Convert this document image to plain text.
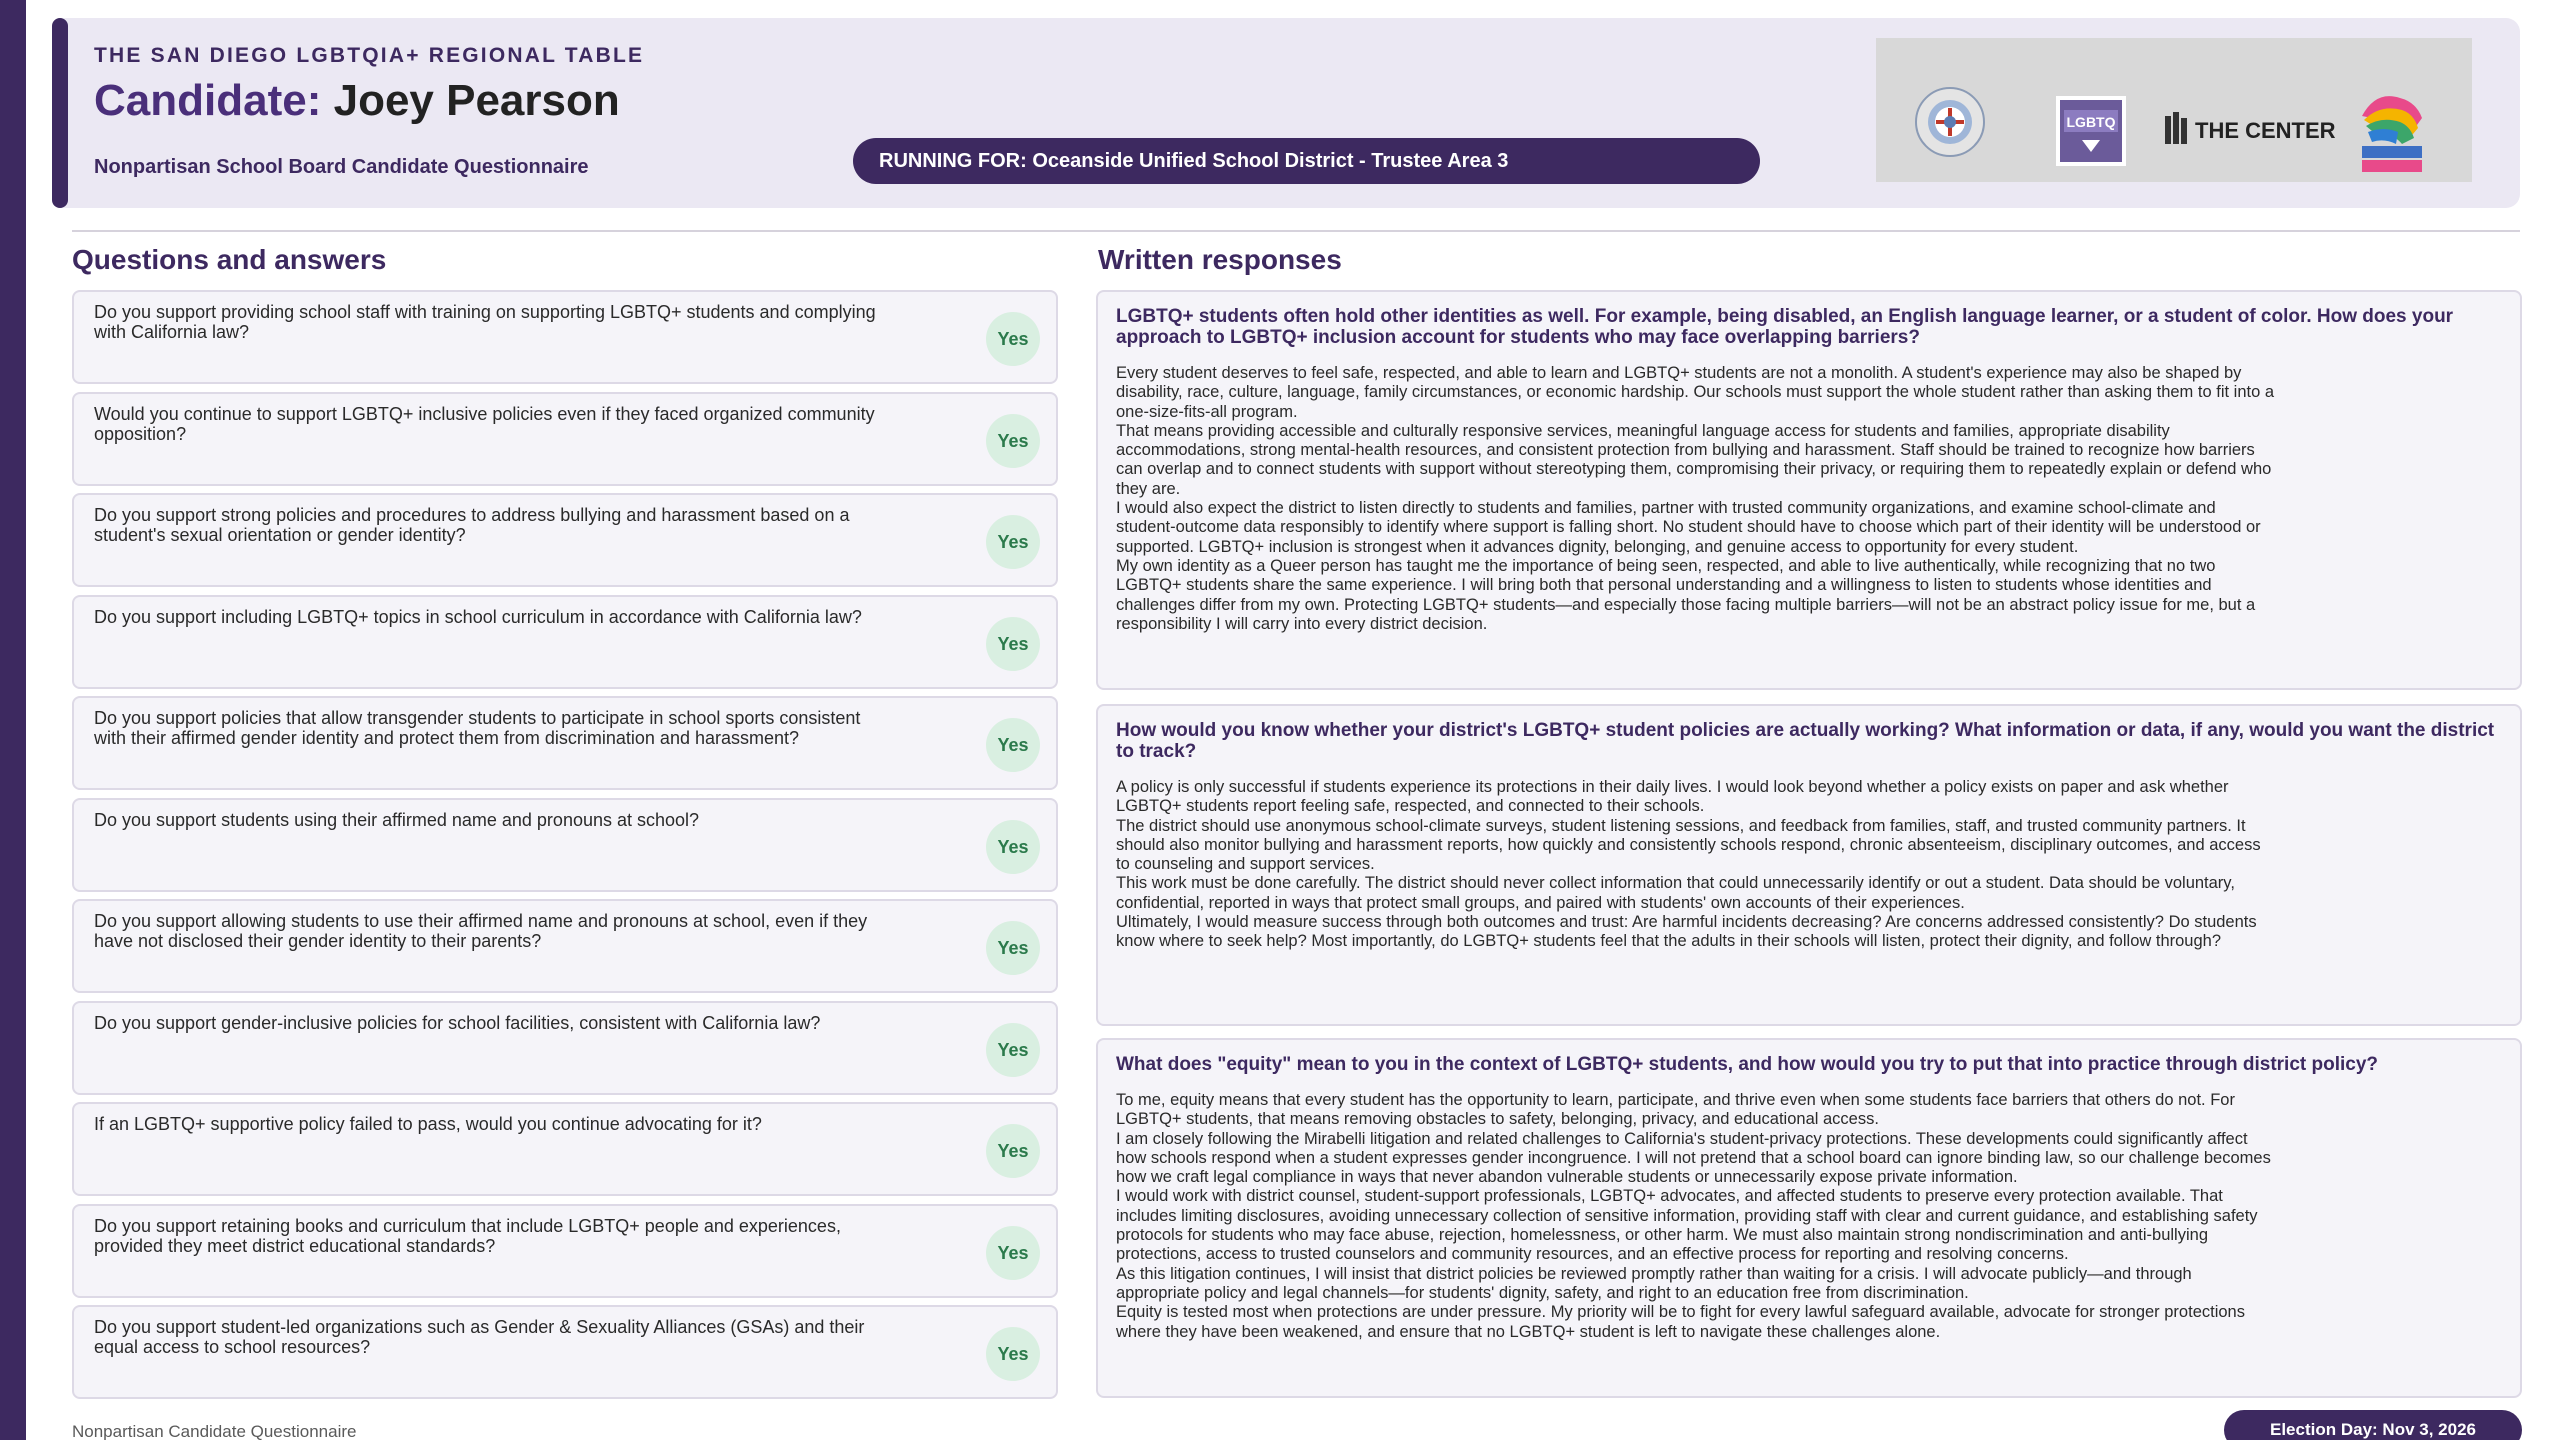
THE SAN DIEGO LGBTQIA+ REGIONAL TABLE
Candidate: Joey Pearson
Nonpartisan School Board Candidate Questionnaire	RUNNING FOR: Oceanside Unified School District - Trustee Area 3
LGBTQ	THE CENTER
Questions and answers	Written responses
Do you support providing school staff with training on supporting LGBTQ+ students and complying with California law?	Yes
Would you continue to support LGBTQ+ inclusive policies even if they faced organized community opposition?	Yes
Do you support strong policies and procedures to address bullying and harassment based on a student's sexual orientation or gender identity?	Yes
Do you support including LGBTQ+ topics in school curriculum in accordance with California law?
Yes
Do you support policies that allow transgender students to participate in school sports consistent with their affirmed gender identity and protect them from discrimination and harassment?	Yes
Do you support students using their affirmed name and pronouns at school?
Yes
Do you support allowing students to use their affirmed name and pronouns at school, even if they have not disclosed their gender identity to their parents?	Yes
Do you support gender-inclusive policies for school facilities, consistent with California law?
Yes
If an LGBTQ+ supportive policy failed to pass, would you continue advocating for it?
Yes
Do you support retaining books and curriculum that include LGBTQ+ people and experiences, provided they meet district educational standards?	Yes
Do you support student-led organizations such as Gender & Sexuality Alliances (GSAs) and their equal access to school resources?	Yes
LGBTQ+ students often hold other identities as well. For example, being disabled, an English language learner, or a student of color. How does your approach to LGBTQ+ inclusion account for students who may face overlapping barriers?
Every student deserves to feel safe, respected, and able to learn and LGBTQ+ students are not a monolith. A student's experience may also be shaped by disability, race, culture, language, family circumstances, or economic hardship. Our schools must support the whole student rather than asking them to fit into a one-size-fits-all program.
That means providing accessible and culturally responsive services, meaningful language access for students and families, appropriate disability accommodations, strong mental-health resources, and consistent protection from bullying and harassment. Staff should be trained to recognize how barriers can overlap and to connect students with support without stereotyping them, compromising their privacy, or requiring them to repeatedly explain or defend who they are.
I would also expect the district to listen directly to students and families, partner with trusted community organizations, and examine school-climate and student-outcome data responsibly to identify where support is falling short. No student should have to choose which part of their identity will be understood or supported. LGBTQ+ inclusion is strongest when it advances dignity, belonging, and genuine access to opportunity for every student.
My own identity as a Queer person has taught me the importance of being seen, respected, and able to live authentically, while recognizing that no two LGBTQ+ students share the same experience. I will bring both that personal understanding and a willingness to listen to students whose identities and challenges differ from my own. Protecting LGBTQ+ students—and especially those facing multiple barriers—will not be an abstract policy issue for me, but a responsibility I will carry into every district decision.
How would you know whether your district's LGBTQ+ student policies are actually working? What information or data, if any, would you want the district to track?
A policy is only successful if students experience its protections in their daily lives. I would look beyond whether a policy exists on paper and ask whether LGBTQ+ students report feeling safe, respected, and connected to their schools.
The district should use anonymous school-climate surveys, student listening sessions, and feedback from families, staff, and trusted community partners. It should also monitor bullying and harassment reports, how quickly and consistently schools respond, chronic absenteeism, disciplinary outcomes, and access to counseling and support services.
This work must be done carefully. The district should never collect information that could unnecessarily identify or out a student. Data should be voluntary, confidential, reported in ways that protect small groups, and paired with students' own accounts of their experiences.
Ultimately, I would measure success through both outcomes and trust: Are harmful incidents decreasing? Are concerns addressed consistently? Do students know where to seek help? Most importantly, do LGBTQ+ students feel that the adults in their schools will listen, protect their dignity, and follow through?
What does "equity" mean to you in the context of LGBTQ+ students, and how would you try to put that into practice through district policy?
To me, equity means that every student has the opportunity to learn, participate, and thrive even when some students face barriers that others do not. For LGBTQ+ students, that means removing obstacles to safety, belonging, privacy, and educational access.
I am closely following the Mirabelli litigation and related challenges to California's student-privacy protections. These developments could significantly affect how schools respond when a student expresses gender incongruence. I will not pretend that a school board can ignore binding law, so our challenge becomes how we craft legal compliance in ways that never abandon vulnerable students or unnecessarily expose private information.
I would work with district counsel, student-support professionals, LGBTQ+ advocates, and affected students to preserve every protection available. That includes limiting disclosures, avoiding unnecessary collection of sensitive information, providing staff with clear and current guidance, and establishing safety protocols for students who may face abuse, rejection, homelessness, or other harm. We must also maintain strong nondiscrimination and anti-bullying protections, access to trusted counselors and community resources, and an effective process for reporting and resolving concerns.
As this litigation continues, I will insist that district policies be reviewed promptly rather than waiting for a crisis. I will advocate publicly—and through appropriate policy and legal channels—for students' dignity, safety, and right to an education free from discrimination.
Equity is tested most when protections are under pressure. My priority will be to fight for every lawful safeguard available, advocate for stronger protections where they have been weakened, and ensure that no LGBTQ+ student is left to navigate these challenges alone.
Nonpartisan Candidate Questionnaire	Election Day: Nov 3, 2026
